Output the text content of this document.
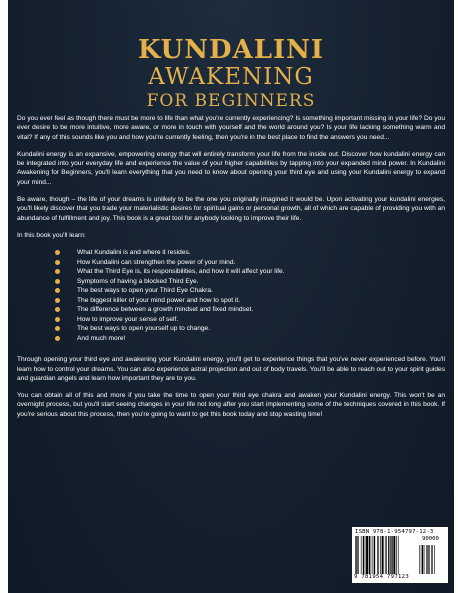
KUNDALINI
AWAKENING
FOR BEGINNERS

Do you ever feel as though there must be more to life than what you're currently experiencing? Is something important missing in your life? Do you ever desire to be more intuitive, more aware, or more in touch with yourself and the world around you? Is your life lacking something warm and vital? If any of this sounds like you and how you're currently feeling, then you're in the best place to find the answers you need...

Kundalini energy is an expansive, empowering energy that will entirely transform your life from the inside out. Discover how kundalini energy can be integrated into your everyday life and experience the value of your higher capabilities by tapping into your expanded mind power. In Kundalini Awakening for Beginners, you'll learn everything that you need to know about opening your third eye and using your Kundalini energy to expand your mind...

Be aware, though – the life of your dreams is unlikely to be the one you originally imagined it would be. Upon activating your kundalini energies, you'll likely discover that you trade your materialistic desires for spiritual gains or personal growth, all of which are capable of providing you with an abundance of fulfillment and joy. This book is a great tool for anybody looking to improve their life.

In this book you'll learn:
What Kundalini is and where it resides.
How Kundalini can strengthen the power of your mind.
What the Third Eye is, its responsibilities, and how it will affect your life.
Symptoms of having a blocked Third Eye.
The best ways to open your Third Eye Chakra.
The biggest killer of your mind power and how to spot it.
The difference between a growth mindset and fixed mindset.
How to improve your sense of self.
The best ways to open yourself up to change.
And much more!

Through opening your third eye and awakening your Kundalini energy, you'll get to experience things that you've never experienced before. You'll learn how to control your dreams. You can also experience astral projection and out of body travels. You'll be able to reach out to your spirit guides and guardian angels and learn how important they are to you.

You can obtain all of this and more if you take the time to open your third eye chakra and awaken your Kundalini energy. This won't be an overnight process, but you'll start seeing changes in your life not long after you start implementing some of the techniques covered in this book. If you're serious about this process, then you're going to want to get this book today and stop wasting time!

ISBN 978-1-954797-12-3
90000
9 781954 797123
